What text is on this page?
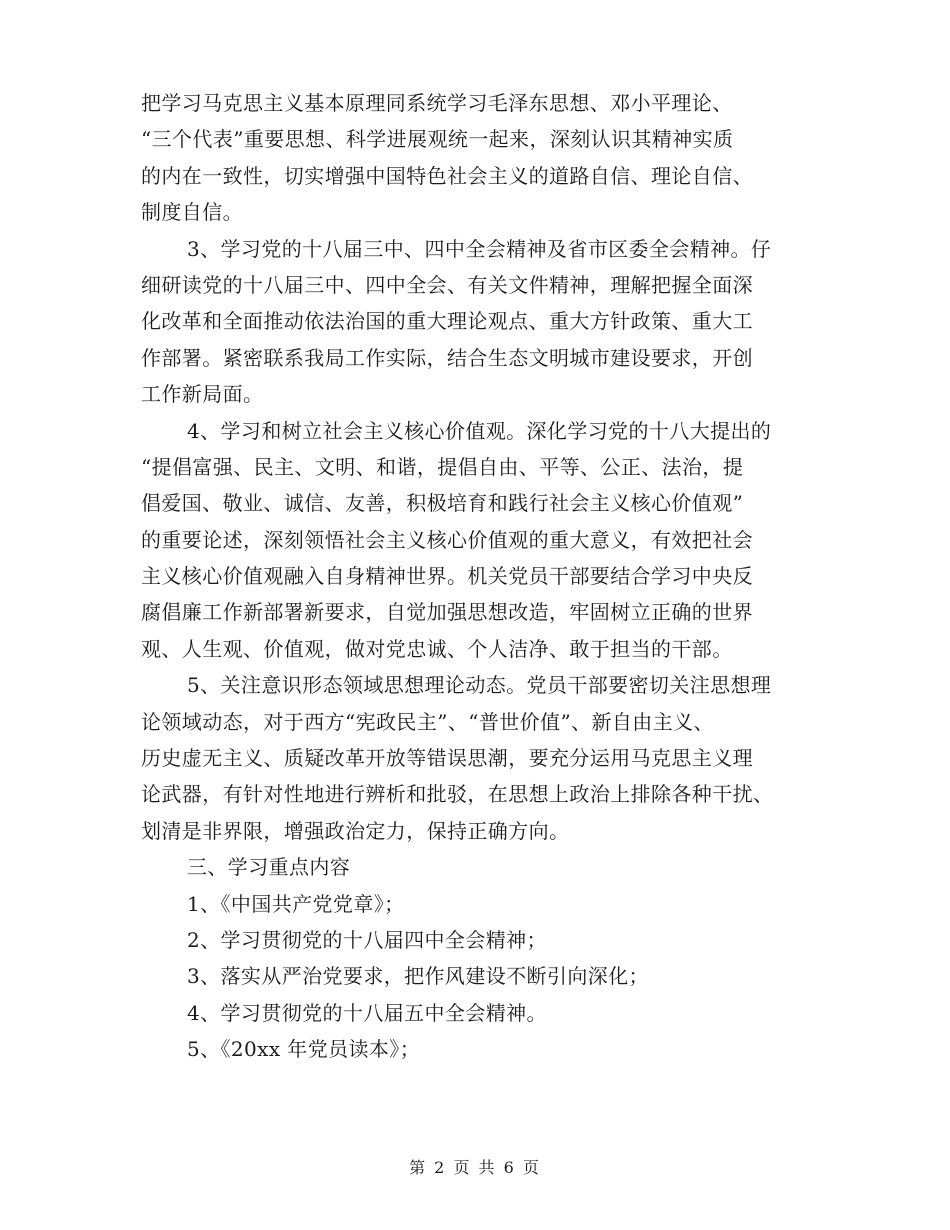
把学习马克思主义基本原理同系统学习毛泽东思想、邓小平理论、
“三个代表”重要思想、科学进展观统一起来，深刻认识其精神实质
的内在一致性，切实增强中国特色社会主义的道路自信、理论自信、
制度自信。
3、学习党的十八届三中、四中全会精神及省市区委全会精神。仔
细研读党的十八届三中、四中全会、有关文件精神，理解把握全面深
化改革和全面推动依法治国的重大理论观点、重大方针政策、重大工
作部署。紧密联系我局工作实际，结合生态文明城市建设要求，开创
工作新局面。
4、学习和树立社会主义核心价值观。深化学习党的十八大提出的
“提倡富强、民主、文明、和谐，提倡自由、平等、公正、法治，提
倡爱国、敬业、诚信、友善，积极培育和践行社会主义核心价值观”
的重要论述，深刻领悟社会主义核心价值观的重大意义，有效把社会
主义核心价值观融入自身精神世界。机关党员干部要结合学习中央反
腐倡廉工作新部署新要求，自觉加强思想改造，牢固树立正确的世界
观、人生观、价值观，做对党忠诚、个人洁净、敢于担当的干部。
5、关注意识形态领域思想理论动态。党员干部要密切关注思想理
论领域动态，对于西方“宪政民主”、“普世价值”、新自由主义、
历史虚无主义、质疑改革开放等错误思潮，要充分运用马克思主义理
论武器，有针对性地进行辨析和批驳，在思想上政治上排除各种干扰、
划清是非界限，增强政治定力，保持正确方向。
三、学习重点内容
1、《中国共产党党章》；
2、学习贯彻党的十八届四中全会精神；
3、落实从严治党要求，把作风建设不断引向深化；
4、学习贯彻党的十八届五中全会精神。
5、《20xx 年党员读本》；
第 2 页 共 6 页
